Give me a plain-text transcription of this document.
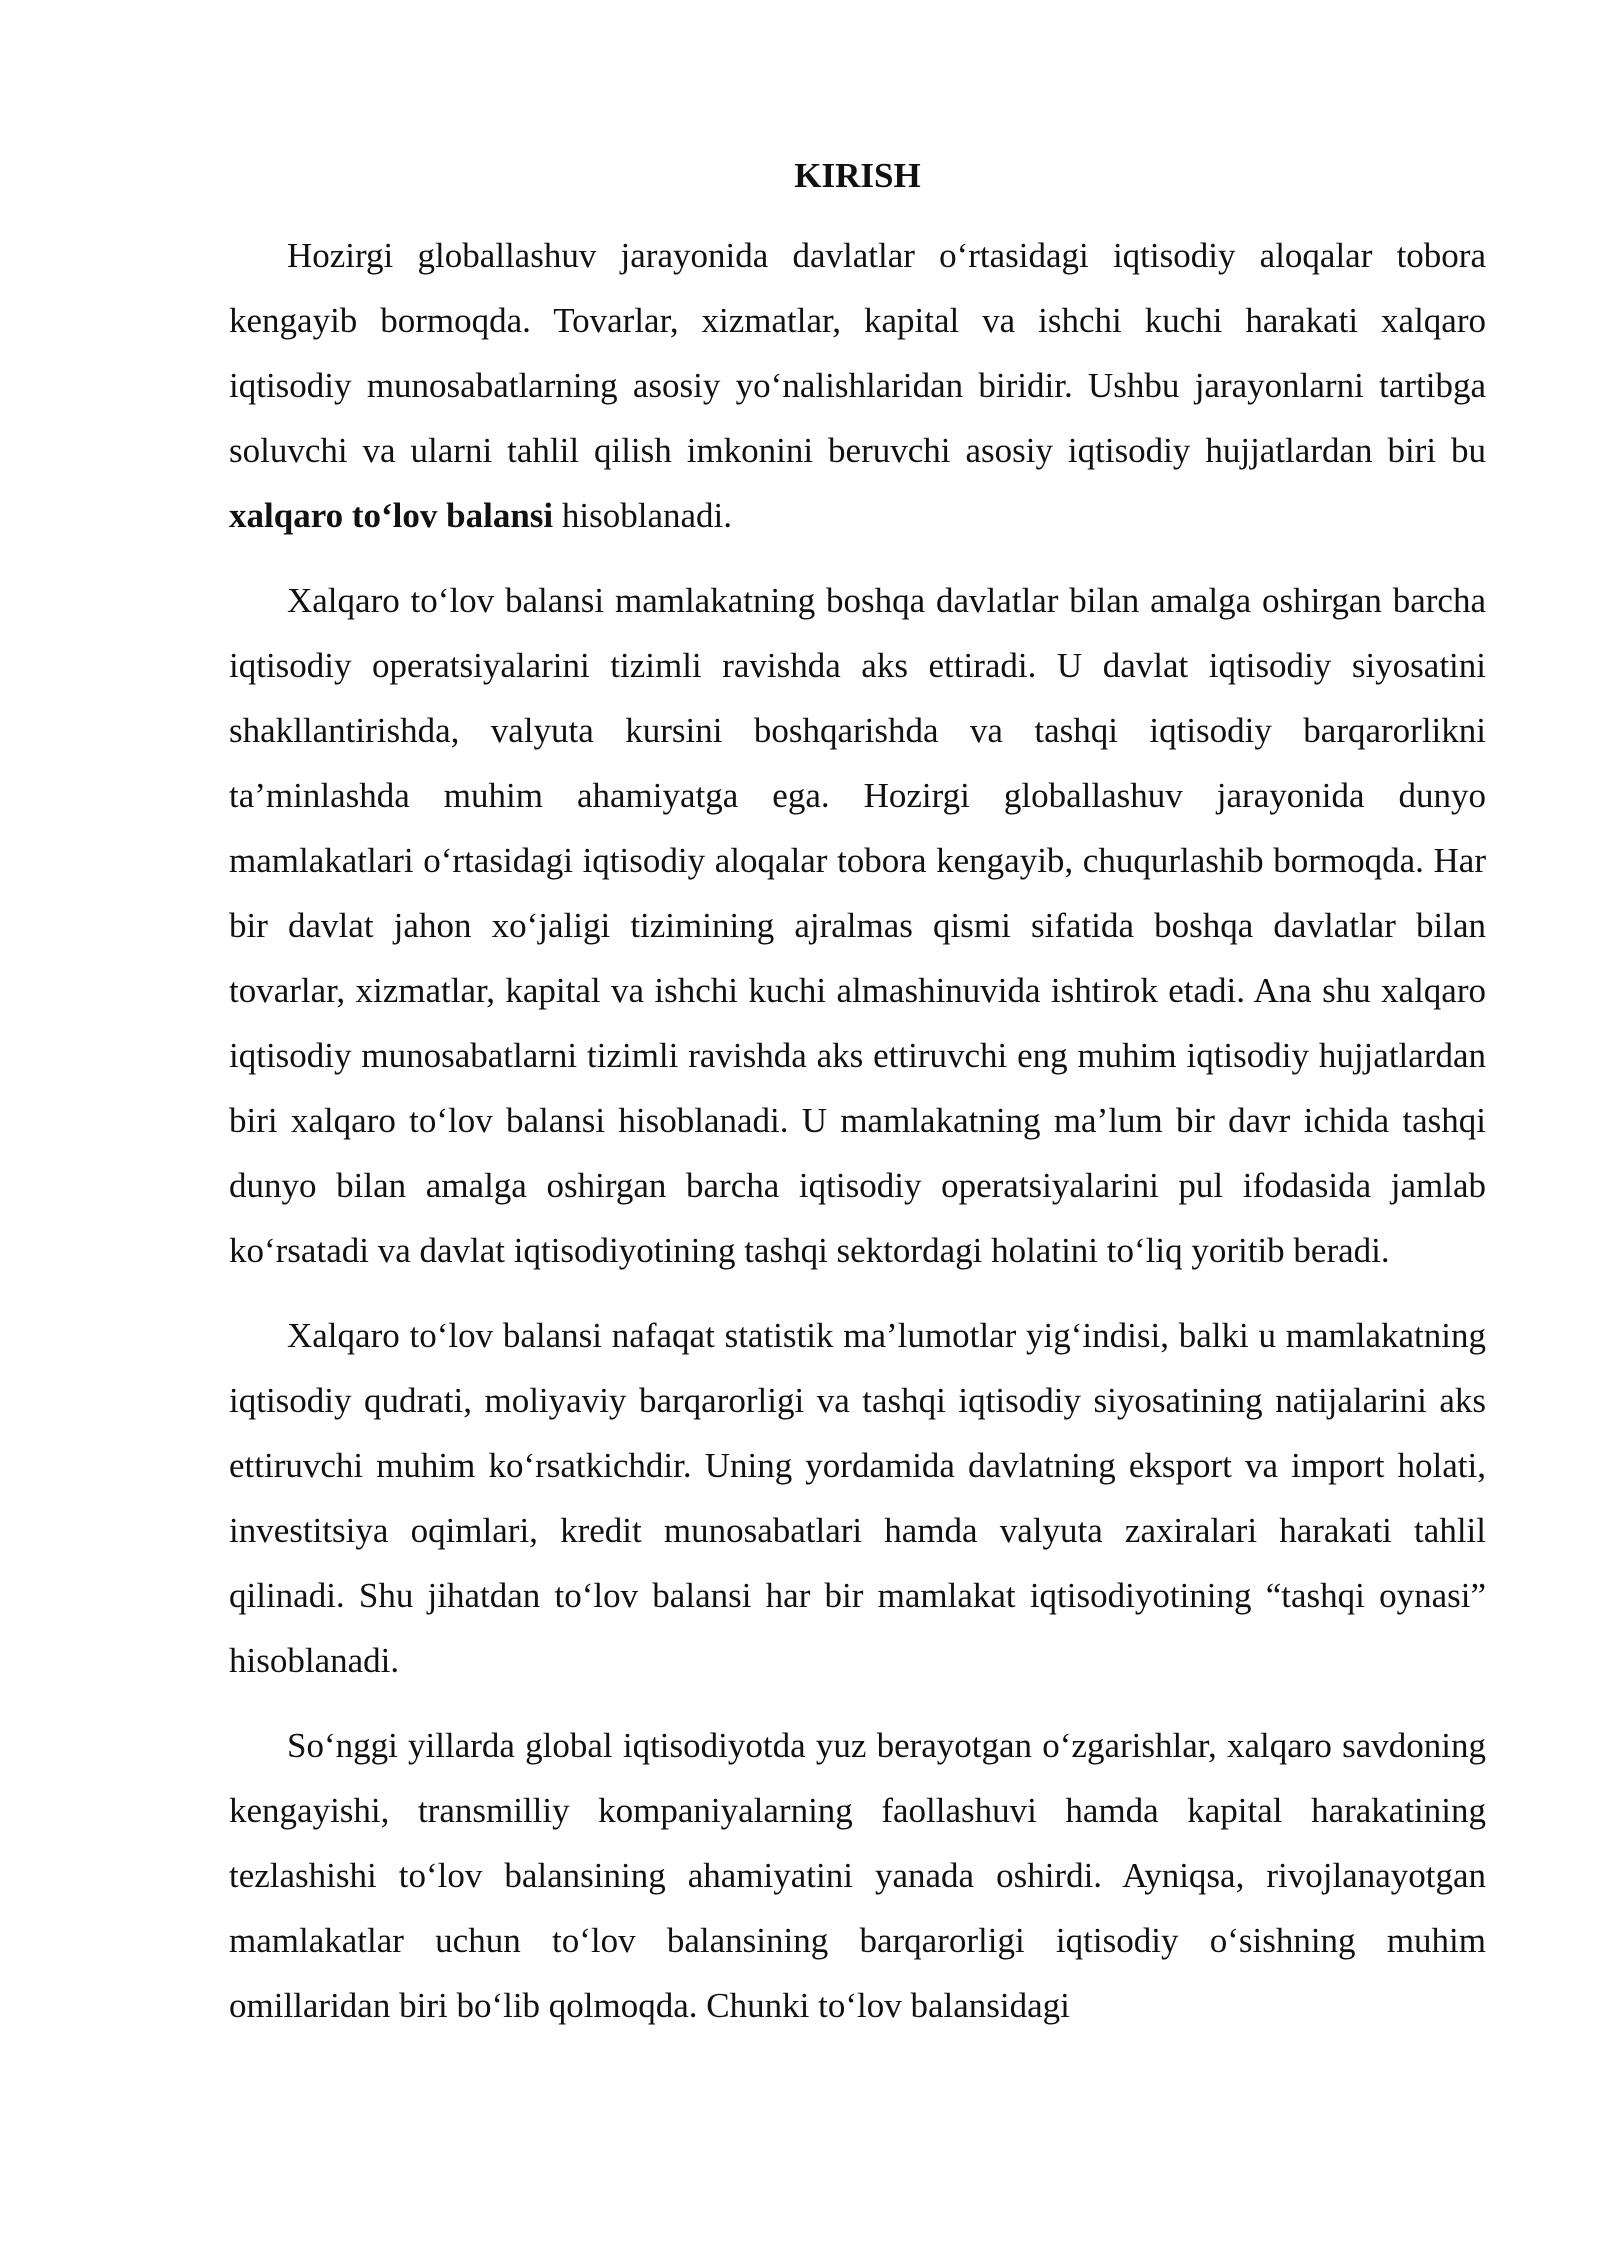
KIRISH

Hozirgi globallashuv jarayonida davlatlar o‘rtasidagi iqtisodiy aloqalar tobora kengayib bormoqda. Tovarlar, xizmatlar, kapital va ishchi kuchi harakati xalqaro iqtisodiy munosabatlarning asosiy yo‘nalishlaridan biridir. Ushbu jarayonlarni tartibga soluvchi va ularni tahlil qilish imkonini beruvchi asosiy iqtisodiy hujjatlardan biri bu xalqaro to‘lov balansi hisoblanadi.

Xalqaro to‘lov balansi mamlakatning boshqa davlatlar bilan amalga oshirgan barcha iqtisodiy operatsiyalarini tizimli ravishda aks ettiradi. U davlat iqtisodiy siyosatini shakllantirishda, valyuta kursini boshqarishda va tashqi iqtisodiy barqarorlikni ta’minlashda muhim ahamiyatga ega. Hozirgi globallashuv jarayonida dunyo mamlakatlari o‘rtasidagi iqtisodiy aloqalar tobora kengayib, chuqurlashib bormoqda. Har bir davlat jahon xo‘jaligi tizimining ajralmas qismi sifatida boshqa davlatlar bilan tovarlar, xizmatlar, kapital va ishchi kuchi almashinuvida ishtirok etadi. Ana shu xalqaro iqtisodiy munosabatlarni tizimli ravishda aks ettiruvchi eng muhim iqtisodiy hujjatlardan biri xalqaro to‘lov balansi hisoblanadi. U mamlakatning ma’lum bir davr ichida tashqi dunyo bilan amalga oshirgan barcha iqtisodiy operatsiyalarini pul ifodasida jamlab ko‘rsatadi va davlat iqtisodiyotining tashqi sektordagi holatini to‘liq yoritib beradi.

Xalqaro to‘lov balansi nafaqat statistik ma’lumotlar yig‘indisi, balki u mamlakatning iqtisodiy qudrati, moliyaviy barqarorligi va tashqi iqtisodiy siyosatining natijalarini aks ettiruvchi muhim ko‘rsatkichdir. Uning yordamida davlatning eksport va import holati, investitsiya oqimlari, kredit munosabatlari hamda valyuta zaxiralari harakati tahlil qilinadi. Shu jihatdan to‘lov balansi har bir mamlakat iqtisodiyotining “tashqi oynasi” hisoblanadi.

So‘nggi yillarda global iqtisodiyotda yuz berayotgan o‘zgarishlar, xalqaro savdoning kengayishi, transmilliy kompaniyalarning faollashuvi hamda kapital harakatining tezlashishi to‘lov balansining ahamiyatini yanada oshirdi. Ayniqsa, rivojlanayotgan mamlakatlar uchun to‘lov balansining barqarorligi iqtisodiy o‘sishning muhim omillaridan biri bo‘lib qolmoqda. Chunki to‘lov balansidagi
